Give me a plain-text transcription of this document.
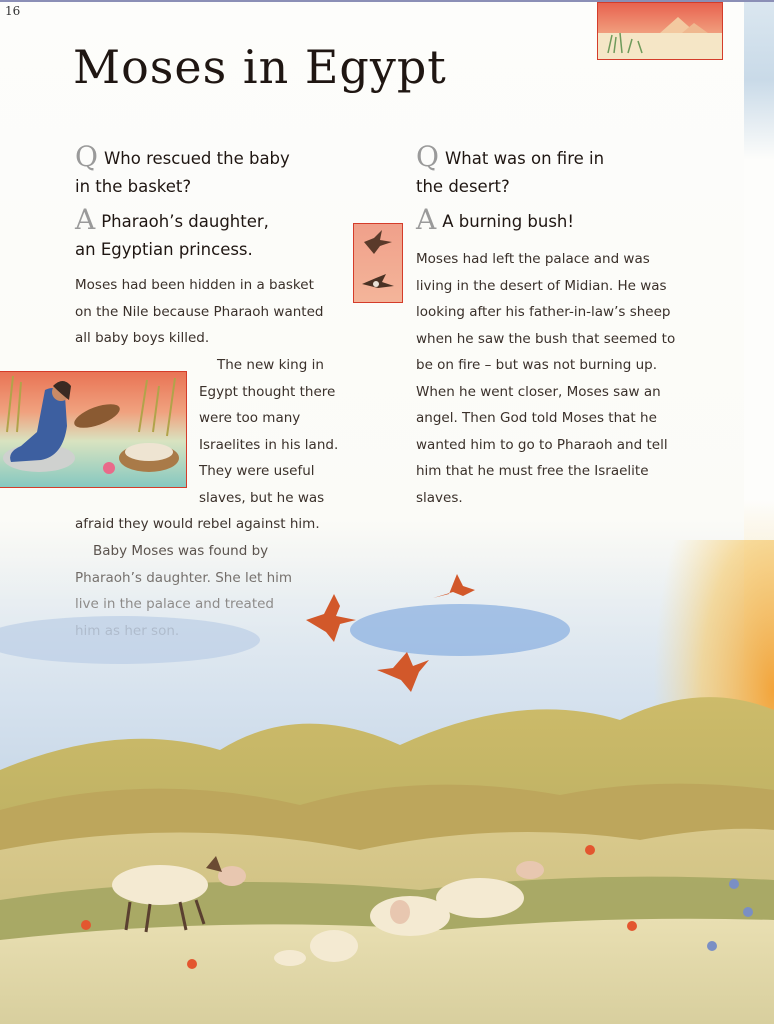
16
Moses in Egypt
Q Who rescued the baby
in the basket?
A Pharaoh’s daughter,
an Egyptian princess.
Moses had been hidden in a basket
on the Nile because Pharaoh wanted
all baby boys killed.
The new king in
Egypt thought there
were too many
Israelites in his land.
They were useful
slaves, but he was
Q What was on fire in
the desert?
A A burning bush!
Moses had left the palace and was
living in the desert of Midian. He was
looking after his father-in-law’s sheep
when he saw the bush that seemed to
be on fire – but was not burning up.
When he went closer, Moses saw an
angel. Then God told Moses that he
wanted him to go to Pharaoh and tell
him that he must free the Israelite
slaves.
